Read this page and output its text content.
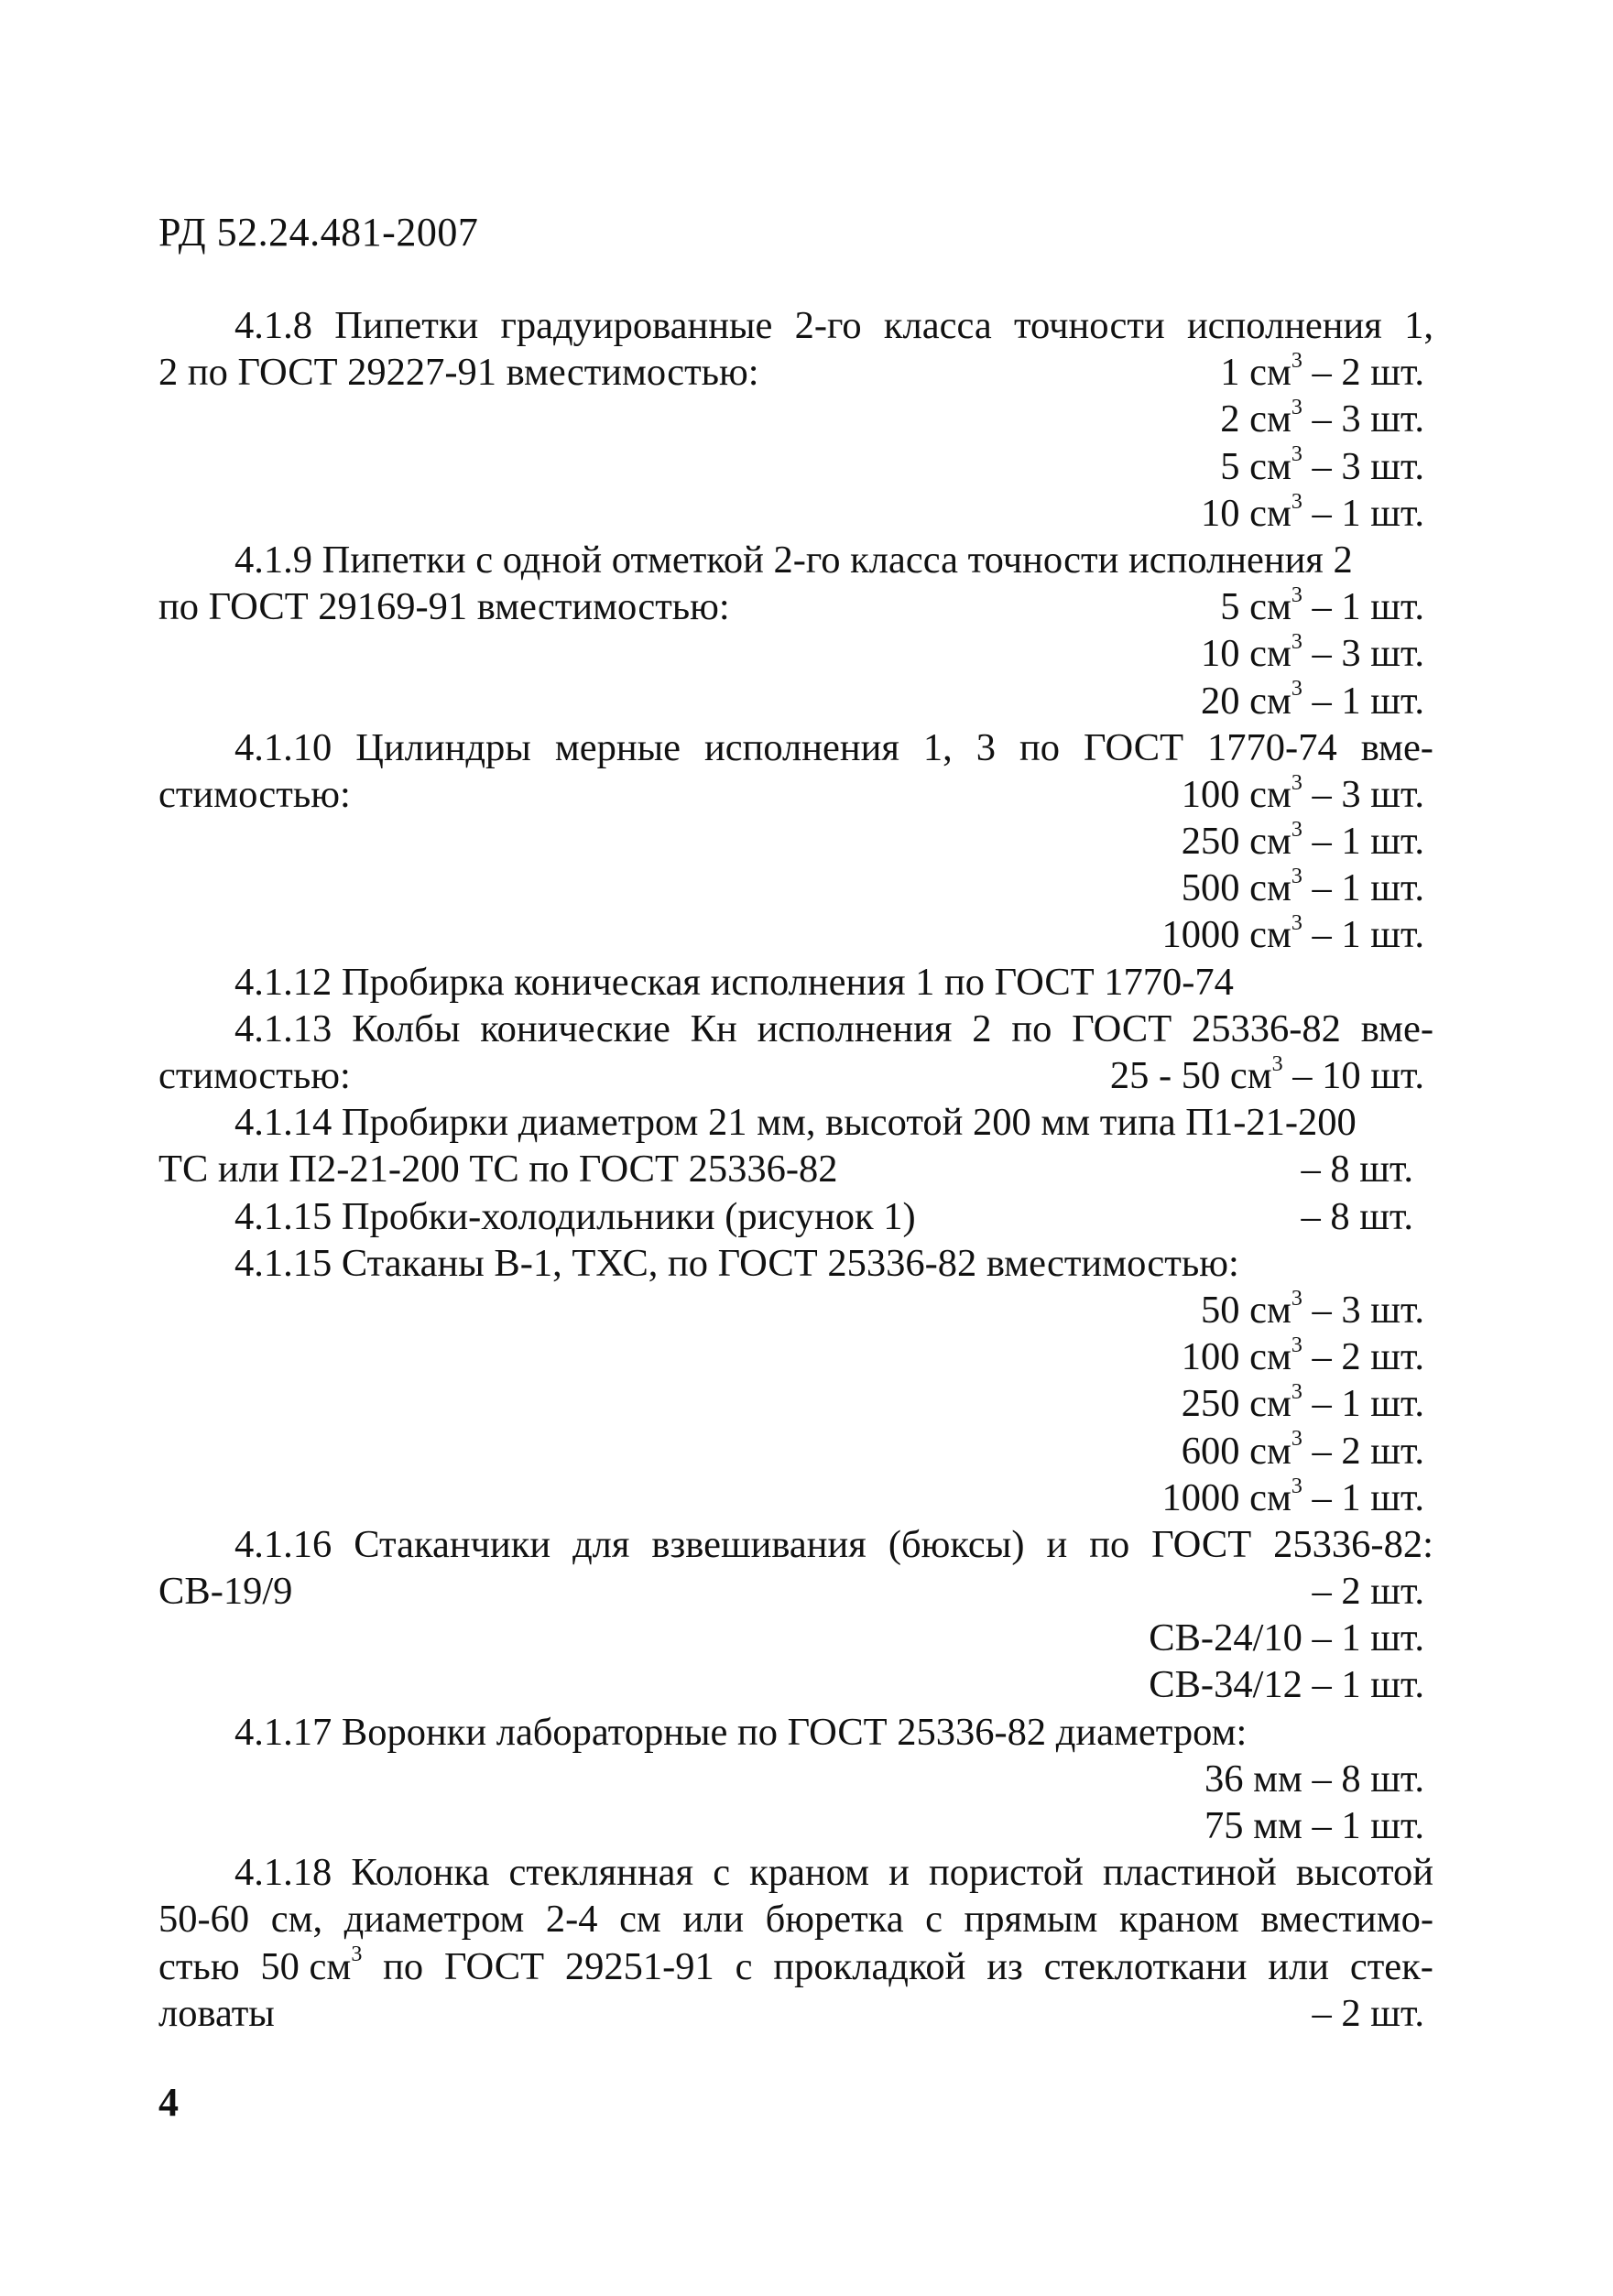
РД 52.24.481-2007
4.1.8 Пипетки градуированные 2-го класса точности исполнения 1,
2 по ГОСТ 29227-91 вместимостью:	1 $см^3 - 2$ шт.
2 $см^3 - 3$ шт.
5 $см^3 - 3$ шт.
10 $см^3 - 1$ шт.
4.1.9 Пипетки с одной отметкой 2-го класса точности исполнения 2
по ГОСТ 29169-91 вместимостью:	5 $см^3 - 1$ шт.
10 $см^3 - 3$ шт.
20 $см^3 - 1$ шт.
4.1.10 Цилиндры мерные исполнения 1, 3 по ГОСТ 1770-74 вме-
стимостью:	100 $см^3 - 3$ шт.
250 $см^3 - 1$ шт.
500 $см^3 - 1$ шт.
1000 $см^3 - 1$ шт.
4.1.12 Пробирка коническая исполнения 1 по ГОСТ 1770-74
4.1.13 Колбы конические Кн исполнения 2 по ГОСТ 25336-82 вме-
стимостью:	25 - 50 $см^3 - 10$ шт.
4.1.14 Пробирки диаметром 21 мм, высотой 200 мм типа П1-21-200
ТС или П2-21-200 ТС по ГОСТ 25336-82	– 8 шт.
4.1.15 Пробки-холодильники (рисунок 1)	– 8 шт.
4.1.15 Стаканы В-1, ТХС, по ГОСТ 25336-82 вместимостью:
50 $см^3 - 3$ шт.
100 $см^3 - 2$ шт.
250 $см^3 - 1$ шт.
600 $см^3 - 2$ шт.
1000 $см^3 - 1$ шт.
4.1.16 Стаканчики для взвешивания (бюксы) и по ГОСТ 25336-82:
СВ-19/9	– 2 шт.
СВ-24/10 – 1 шт.
СВ-34/12 – 1 шт.
4.1.17 Воронки лабораторные по ГОСТ 25336-82 диаметром:
36 мм – 8 шт.
75 мм – 1 шт.
4.1.18 Колонка стеклянная с краном и пористой пластиной высотой
50-60 см, диаметром 2-4 см или бюретка с прямым краном вместимо-
стью 50 $см^3$ по ГОСТ 29251-91 с прокладкой из стеклоткани или стек-
ловаты	– 2 шт.
4
